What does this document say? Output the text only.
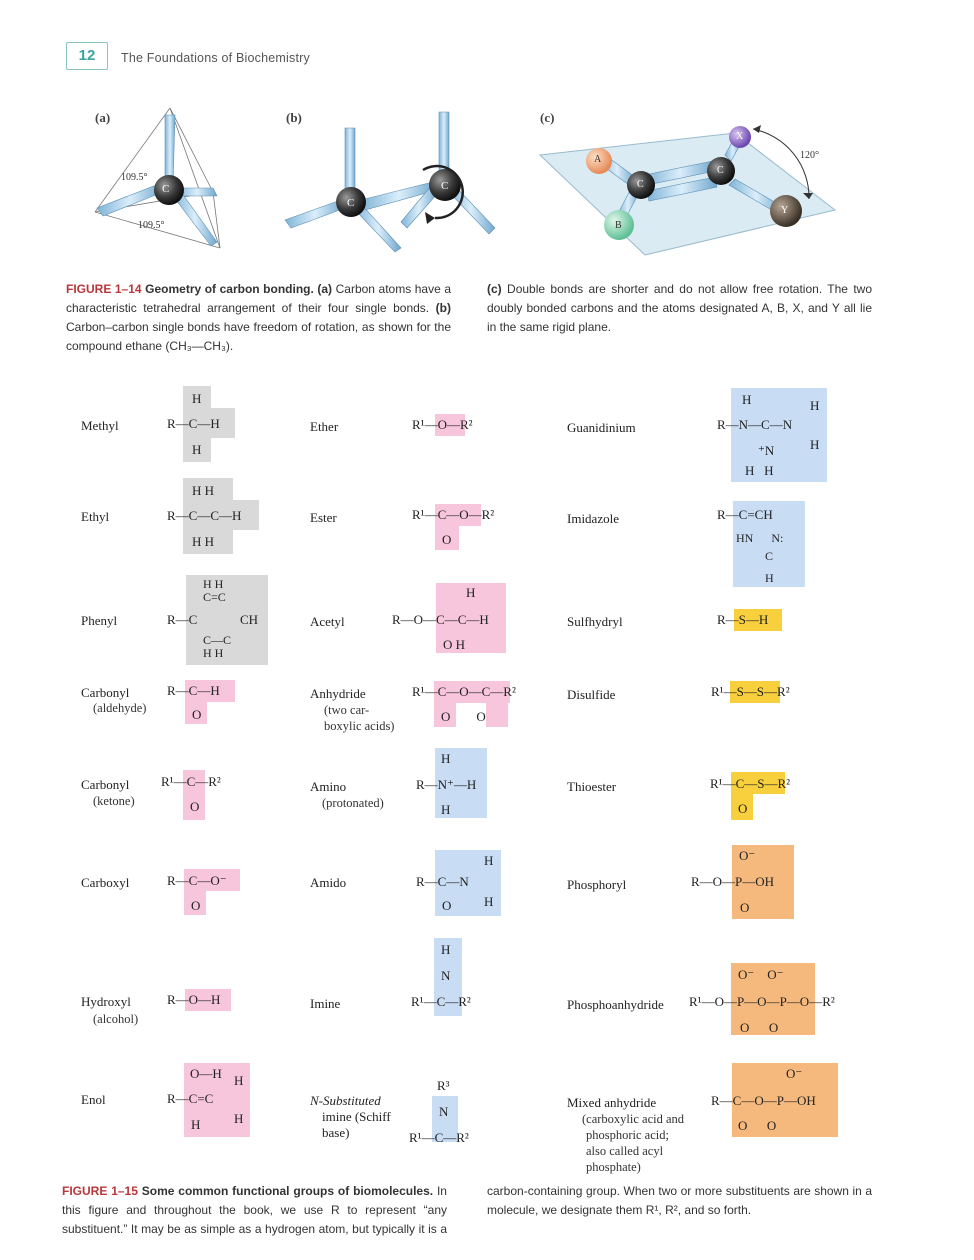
12	The Foundations of Biochemistry
(a)	(b)	(c)
C
109.5°
109.5°
C
C
A
B
X
Y
C
C
120°
FIGURE 1–14 Geometry of carbon bonding. (a) Carbon atoms have a characteristic tetrahedral arrangement of their four single bonds. (b) Carbon–carbon single bonds have freedom of rotation, as shown for the compound ethane (CH₃—CH₃).
(c) Double bonds are shorter and do not allow free rotation. The two doubly bonded carbons and the atoms designated A, B, X, and Y all lie in the same rigid plane.
Methyl
Ethyl
Phenyl
Carbonyl
(aldehyde)
Carbonyl
(ketone)
Carboxyl
Hydroxyl
(alcohol)
Enol
Ether
Ester
Acetyl
Anhydride
(two car-
boxylic acids)
Amino
(protonated)
Amido
Imine
N-Substituted
imine (Schiff
base)
Guanidinium
Imidazole
Sulfhydryl
Disulfide
Thioester
Phosphoryl
Phosphoanhydride
Mixed anhydride
(carboxylic acid and
phosphoric acid;
also called acyl
phosphate)
H
R—C—H
H
H H
R—C—C—H
H H
H H
C=C
R—C	CH
C—C
H H
R—C—H
O
R¹—C—R²
O
R—C—O⁻
O
R—O—H
O—H H
R—C=C
H	H
R¹—O—R²
R¹—C—O—R²
O
H
R—O—C—C—H
O H
R¹—C—O—C—R²
O        O
H
R—N⁺—H
H
H
R—C—N
H
O
H
N
R¹—C—R²
R³
N
R¹—C—R²
H	H
R—N—C—N
H
⁺N
H   H
R—C=CH
HN      N:
C
H
R—S—H
R¹—S—S—R²
R¹—C—S—R²
O
O⁻
R—O—P—OH
O
O⁻    O⁻
R¹—O—P—O—P—O—R²
O      O
O⁻
R—C—O—P—OH
O      O
FIGURE 1–15 Some common functional groups of biomolecules. In this figure and throughout the book, we use R to represent “any substituent.” It may be as simple as a hydrogen atom, but typically it is a carbon-containing group. When two or more substituents are shown in a molecule, we designate them R¹, R², and so forth.
